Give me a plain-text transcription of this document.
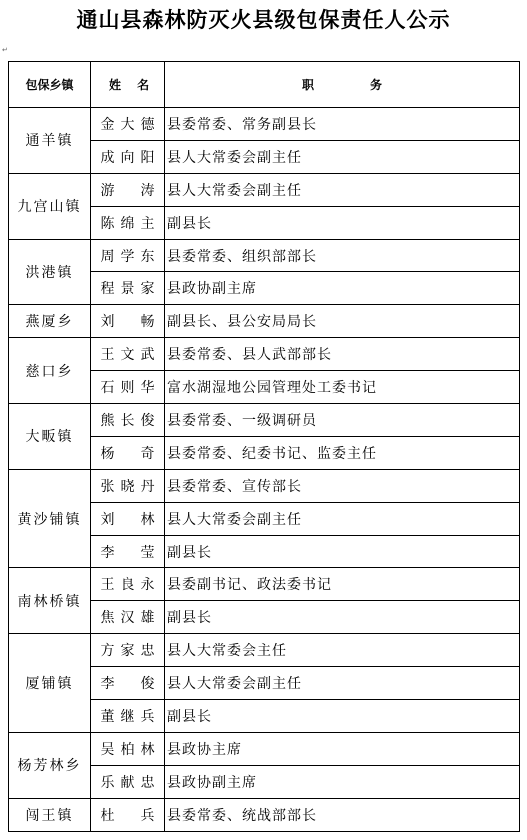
通山县森林防灭火县级包保责任人公示
↵
包保乡镇	姓 名	职务
通羊镇	金大德	县委常委、常务副县长
	成向阳	县人大常委会副主任
九宫山镇	游涛	县人大常委会副主任
	陈绵主	副县长
洪港镇	周学东	县委常委、组织部部长
	程景家	县政协副主席
燕厦乡	刘畅	副县长、县公安局局长
慈口乡	王文武	县委常委、县人武部部长
	石则华	富水湖湿地公园管理处工委书记
大畈镇	熊长俊	县委常委、一级调研员
	杨奇	县委常委、纪委书记、监委主任
黄沙铺镇	张晓丹	县委常委、宣传部长
	刘林	县人大常委会副主任
	李莹	副县长
南林桥镇	王良永	县委副书记、政法委书记
	焦汉雄	副县长
厦铺镇	方家忠	县人大常委会主任
	李俊	县人大常委会副主任
	董继兵	副县长
杨芳林乡	吴柏林	县政协主席
	乐献忠	县政协副主席
闯王镇	杜兵	县委常委、统战部部长
